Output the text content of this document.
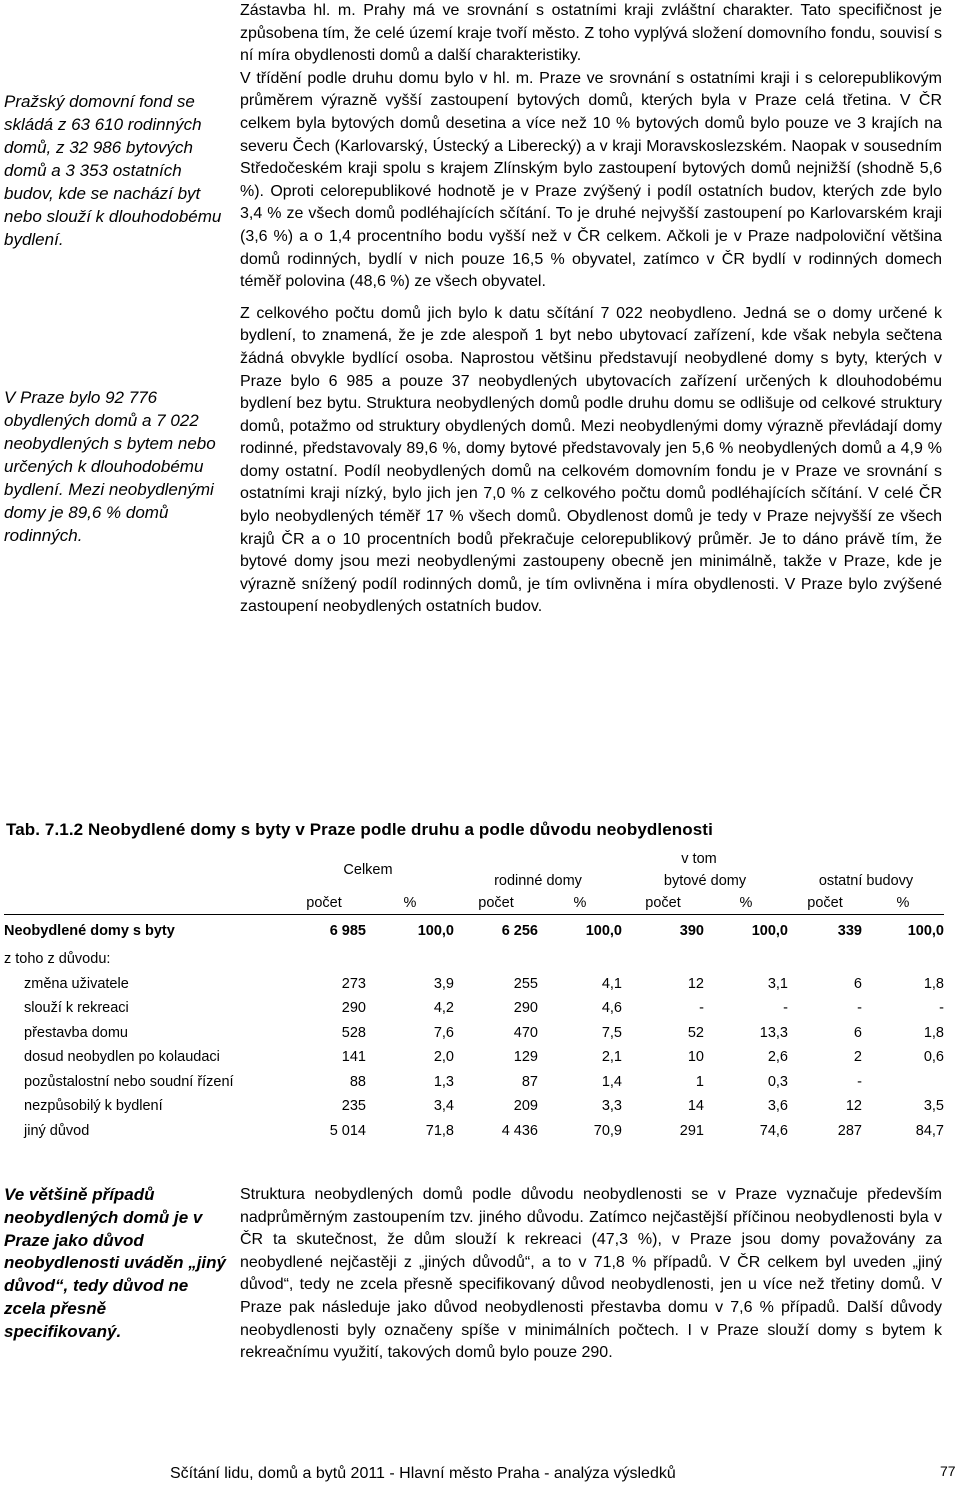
Pražský domovní fond se skládá z 63 610 rodinných domů, z 32 986 bytových domů a 3 353 ostatních budov, kde se nachází byt nebo slouží k dlouhodobému bydlení.
V Praze bylo 92 776 obydlených domů a 7 022 neobydlených s bytem nebo určených k dlouhodobému bydlení. Mezi neobydlenými domy je 89,6 % domů rodinných.

Zástavba hl. m. Prahy má ve srovnání s ostatními kraji zvláštní charakter. Tato specifičnost je způsobena tím, že celé území kraje tvoří město. Z toho vyplývá složení domovního fondu, souvisí s ní míra obydlenosti domů a další charakteristiky.

V třídění podle druhu domu bylo v hl. m. Praze ve srovnání s ostatními kraji i s celorepublikovým průměrem výrazně vyšší zastoupení bytových domů, kterých byla v Praze celá třetina. V ČR celkem byla bytových domů desetina a více než 10 % bytových domů bylo pouze ve 3 krajích na severu Čech (Karlovarský, Ústecký a Liberecký) a v kraji Moravskoslezském. Naopak v sousedním Středočeském kraji spolu s krajem Zlínským bylo zastoupení bytových domů nejnižší (shodně 5,6 %). Oproti celorepublikové hodnotě je v Praze zvýšený i podíl ostatních budov, kterých zde bylo 3,4 % ze všech domů podléhajících sčítání. To je druhé nejvyšší zastoupení po Karlovarském kraji (3,6 %) a o 1,4 procentního bodu vyšší než v ČR celkem. Ačkoli je v Praze nadpoloviční většina domů rodinných, bydlí v nich pouze 16,5 % obyvatel, zatímco v ČR bydlí v rodinných domech téměř polovina (48,6 %) ze všech obyvatel.

Z celkového počtu domů jich bylo k datu sčítání 7 022 neobydleno. Jedná se o domy určené k bydlení, to znamená, že je zde alespoň 1 byt nebo ubytovací zařízení, kde však nebyla sečtena žádná obvykle bydlící osoba. Naprostou většinu představují neobydlené domy s byty, kterých v Praze bylo 6 985 a pouze 37 neobydlených ubytovacích zařízení určených k dlouhodobému bydlení bez bytu. Struktura neobydlených domů podle druhu domu se odlišuje od celkové struktury domů, potažmo od struktury obydlených domů. Mezi neobydlenými domy výrazně převládají domy rodinné, představovaly 89,6 %, domy bytové představovaly jen 5,6 % neobydlených domů a 4,9 % domy ostatní. Podíl neobydlených domů na celkovém domovním fondu je v Praze ve srovnání s ostatními kraji nízký, bylo jich jen 7,0 % z celkového počtu domů podléhajících sčítání. V celé ČR bylo neobydlených téměř 17 % všech domů. Obydlenost domů je tedy v Praze nejvyšší ze všech krajů ČR a o 10 procentních bodů překračuje celorepublikový průměr. Je to dáno právě tím, že bytové domy jsou mezi neobydlenými zastoupeny obecně jen minimálně, takže v Praze, kde je výrazně snížený podíl rodinných domů, je tím ovlivněna i míra obydlenosti. V Praze bylo zvýšené zastoupení neobydlených ostatních budov.

Tab. 7.1.2 Neobydlené domy s byty v Praze podle druhu a podle důvodu neobydlenosti
	Celkem		v tom					
			rodinné domy		bytové domy		ostatní budovy	
	počet	%	počet	%	počet	%	počet	%
Neobydlené domy s byty	6 985	100,0	6 256	100,0	390	100,0	339	100,0
z toho z důvodu:								
změna uživatele	273	3,9	255	4,1	12	3,1	6	1,8
slouží k rekreaci	290	4,2	290	4,6	-	-	-	-
přestavba domu	528	7,6	470	7,5	52	13,3	6	1,8
dosud neobydlen po kolaudaci	141	2,0	129	2,1	10	2,6	2	0,6
pozůstalostní nebo soudní řízení	88	1,3	87	1,4	1	0,3	-	
nezpůsobilý k bydlení	235	3,4	209	3,3	14	3,6	12	3,5
jiný důvod	5 014	71,8	4 436	70,9	291	74,6	287	84,7
Ve většině případů neobydlených domů je v Praze jako důvod neobydlenosti uváděn „jiný důvod“, tedy důvod ne zcela přesně specifikovaný.

Struktura neobydlených domů podle důvodu neobydlenosti se v Praze vyznačuje především nadprůměrným zastoupením tzv. jiného důvodu. Zatímco nejčastější příčinou neobydlenosti byla v ČR ta skutečnost, že dům slouží k rekreaci (47,3 %), v Praze jsou domy považovány za neobydlené nejčastěji z „jiných důvodů“, a to v 71,8 % případů. V ČR celkem byl uveden „jiný důvod“, tedy ne zcela přesně specifikovaný důvod neobydlenosti, jen u více než třetiny domů. V Praze pak následuje jako důvod neobydlenosti přestavba domu v 7,6 % případů. Další důvody neobydlenosti byly označeny spíše v minimálních počtech. I v Praze slouží domy s bytem k rekreačnímu využití, takových domů bylo pouze 290.

Sčítání lidu, domů a bytů 2011 - Hlavní město Praha - analýza výsledků	77
